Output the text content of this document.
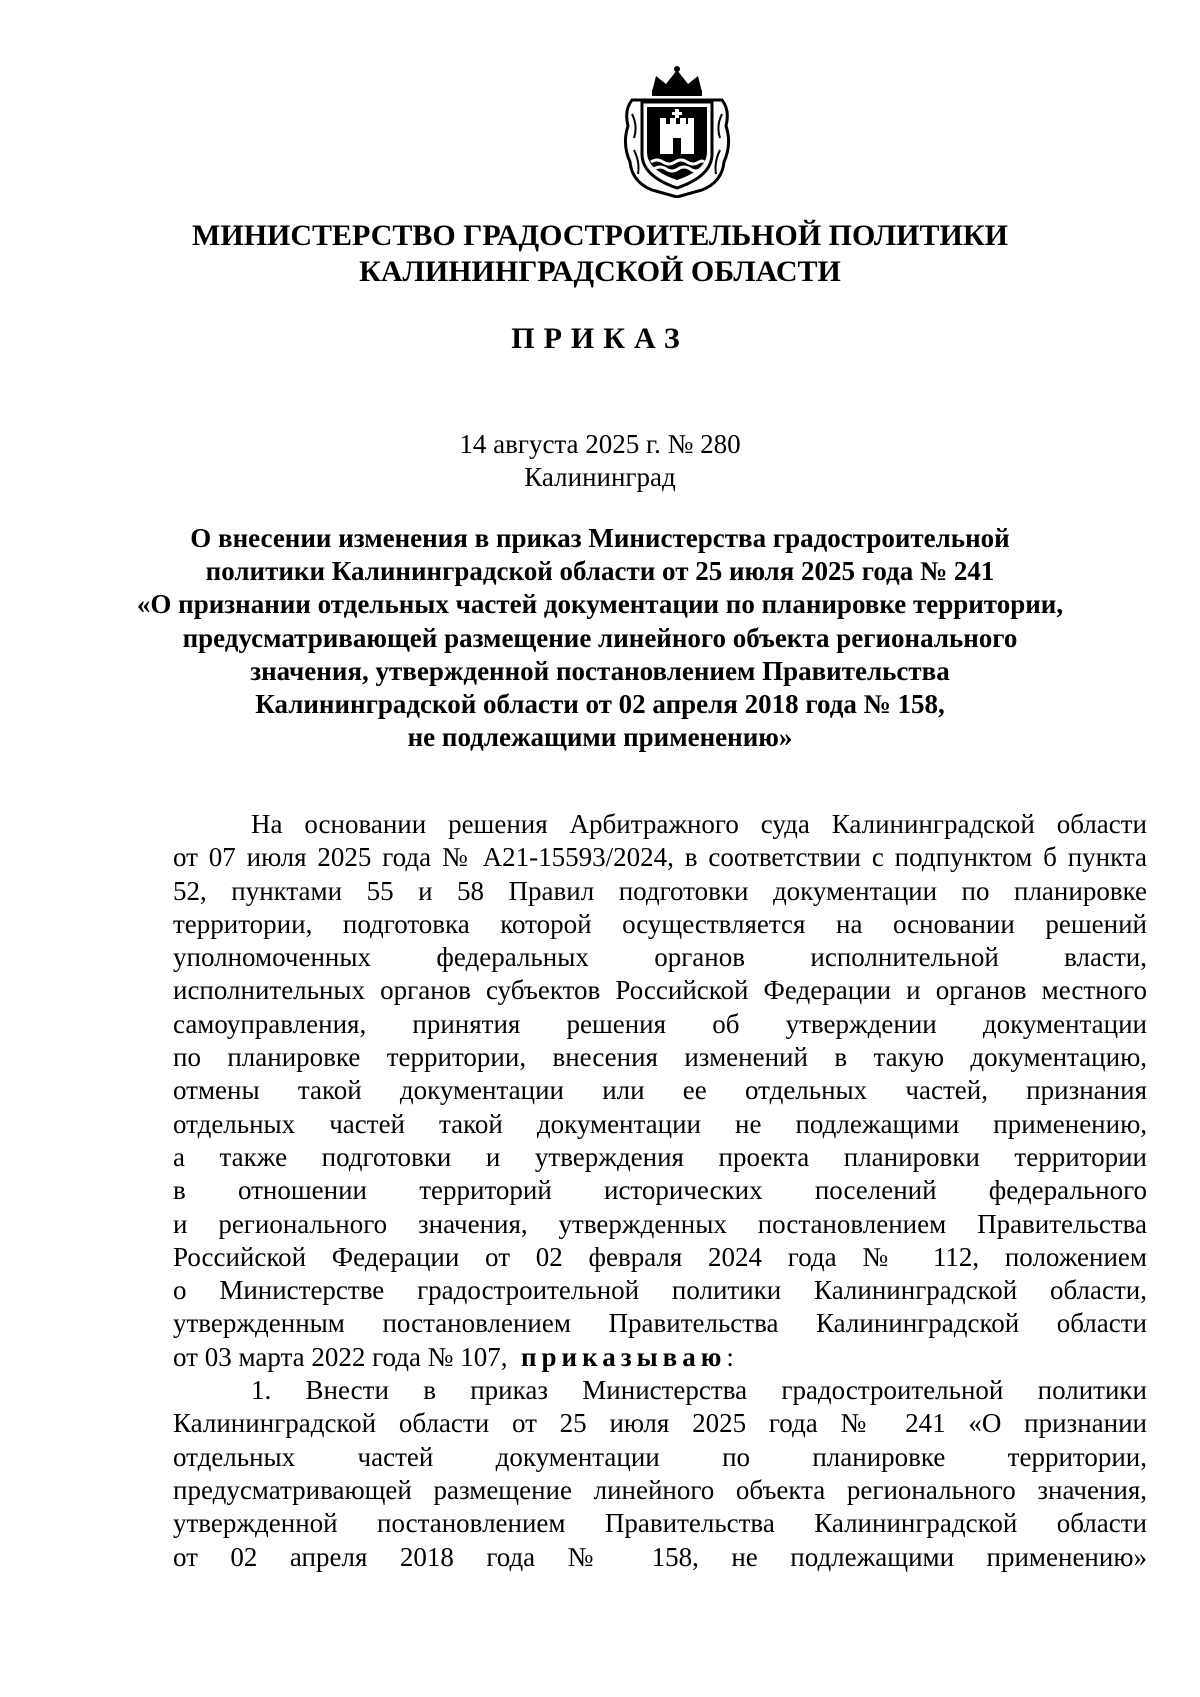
МИНИСТЕРСТВО ГРАДОСТРОИТЕЛЬНОЙ ПОЛИТИКИ
КАЛИНИНГРАДСКОЙ ОБЛАСТИ
ПРИКАЗ
14 августа 2025 г. № 280
Калининград
О внесении изменения в приказ Министерства градостроительной
политики Калининградской области от 25 июля 2025 года № 241
«О признании отдельных частей документации по планировке территории,
предусматривающей размещение линейного объекта регионального
значения, утвержденной постановлением Правительства
Калининградской области от 02 апреля 2018 года № 158,
не подлежащими применению»
На основании решения Арбитражного суда Калининградской области
от 07 июля 2025 года № А21-15593/2024, в соответствии с подпунктом б пункта
52, пунктами 55 и 58 Правил подготовки документации по планировке
территории, подготовка которой осуществляется на основании решений
уполномоченных федеральных органов исполнительной власти,
исполнительных органов субъектов Российской Федерации и органов местного
самоуправления, принятия решения об утверждении документации
по планировке территории, внесения изменений в такую документацию,
отмены такой документации или ее отдельных частей, признания
отдельных частей такой документации не подлежащими применению,
а также подготовки и утверждения проекта планировки территории
в отношении территорий исторических поселений федерального
и регионального значения, утвержденных постановлением Правительства
Российской Федерации от 02 февраля 2024 года № 112, положением
о Министерстве градостроительной политики Калининградской области,
утвержденным постановлением Правительства Калининградской области
от 03 марта 2022 года № 107, приказываю:
1. Внести в приказ Министерства градостроительной политики
Калининградской области от 25 июля 2025 года № 241 «О признании
отдельных частей документации по планировке территории,
предусматривающей размещение линейного объекта регионального значения,
утвержденной постановлением Правительства Калининградской области
от 02 апреля 2018 года № 158, не подлежащими применению»
